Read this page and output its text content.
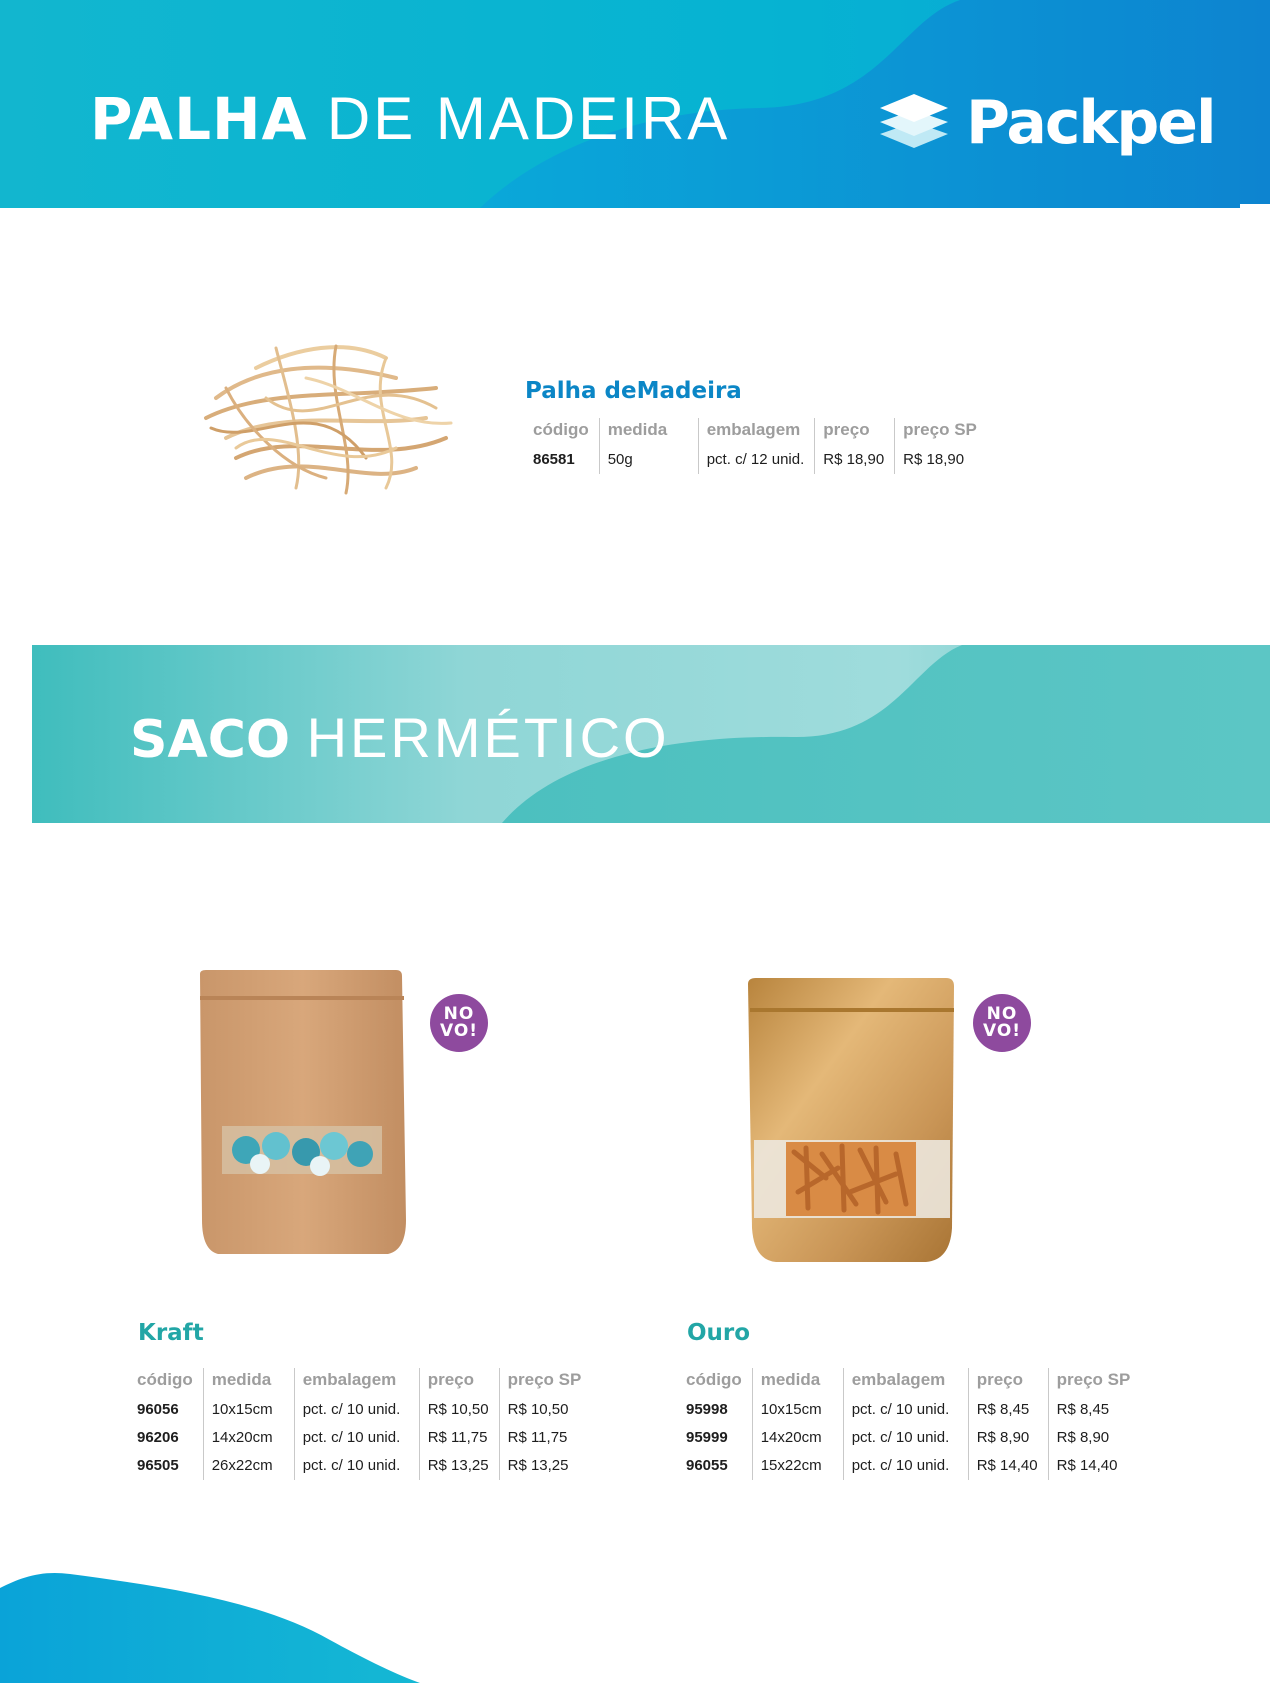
PALHA DE MADEIRA	Packpel
Palha deMadeira
código	medida	embalagem	preço	preço SP
86581	50g	pct. c/ 12 unid.	R$ 18,90	R$ 18,90
SACO HERMÉTICO
NO
VO!
Kraft
código	medida	embalagem	preço	preço SP
96056	10x15cm	pct. c/ 10 unid.	R$ 10,50	R$ 10,50
96206	14x20cm	pct. c/ 10 unid.	R$ 11,75	R$ 11,75
96505	26x22cm	pct. c/ 10 unid.	R$ 13,25	R$ 13,25
NO
VO!
Ouro
código	medida	embalagem	preço	preço SP
95998	10x15cm	pct. c/ 10 unid.	R$ 8,45	R$ 8,45
95999	14x20cm	pct. c/ 10 unid.	R$ 8,90	R$ 8,90
96055	15x22cm	pct. c/ 10 unid.	R$ 14,40	R$ 14,40
